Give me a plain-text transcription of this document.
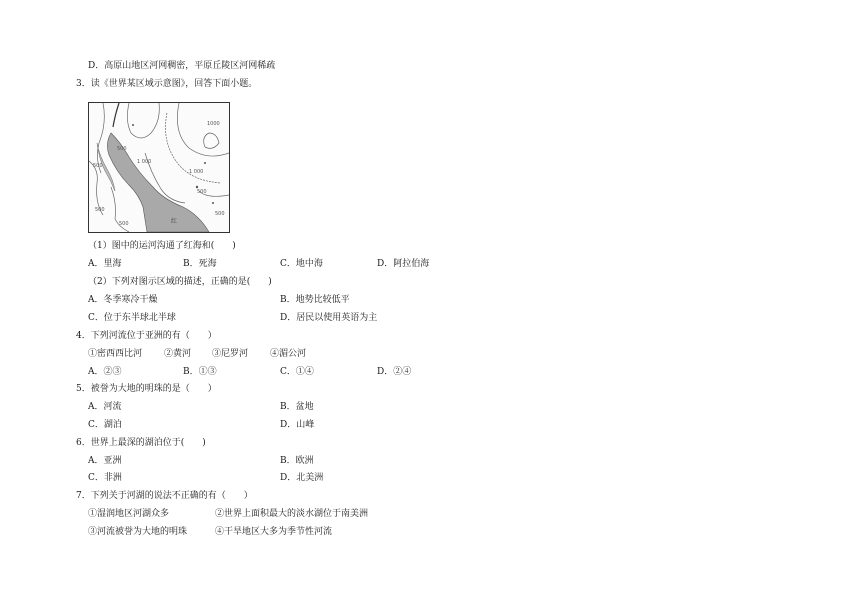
D．高原山地区河网稠密，平原丘陵区河网稀疏
3．读《世界某区域示意图》，回答下面小题。
1000
500
1 000
500
500
500
1 000
500
500
红
（1）图中的运河沟通了红海和(　　)
A．里海	B．死海	C．地中海	D．阿拉伯海
（2）下列对图示区域的描述，正确的是(　　)
A．冬季寒冷干燥	B．地势比较低平
C．位于东半球北半球	D．居民以使用英语为主
4．下列河流位于亚洲的有（　　）
①密西西比河 ②黄河 ③尼罗河 ④湄公河
A．②③	B．①③	C．①④	D．②④
5．被誉为大地的明珠的是（　　）
A．河流	B．盆地
C．湖泊	D．山峰
6．世界上最深的湖泊位于(　　)
A．亚洲	B．欧洲
C．非洲	D．北美洲
7．下列关于河湖的说法不正确的有（　　）
①湿润地区河湖众多	②世界上面积最大的淡水湖位于南美洲
③河流被誉为大地的明珠	④干旱地区大多为季节性河流
